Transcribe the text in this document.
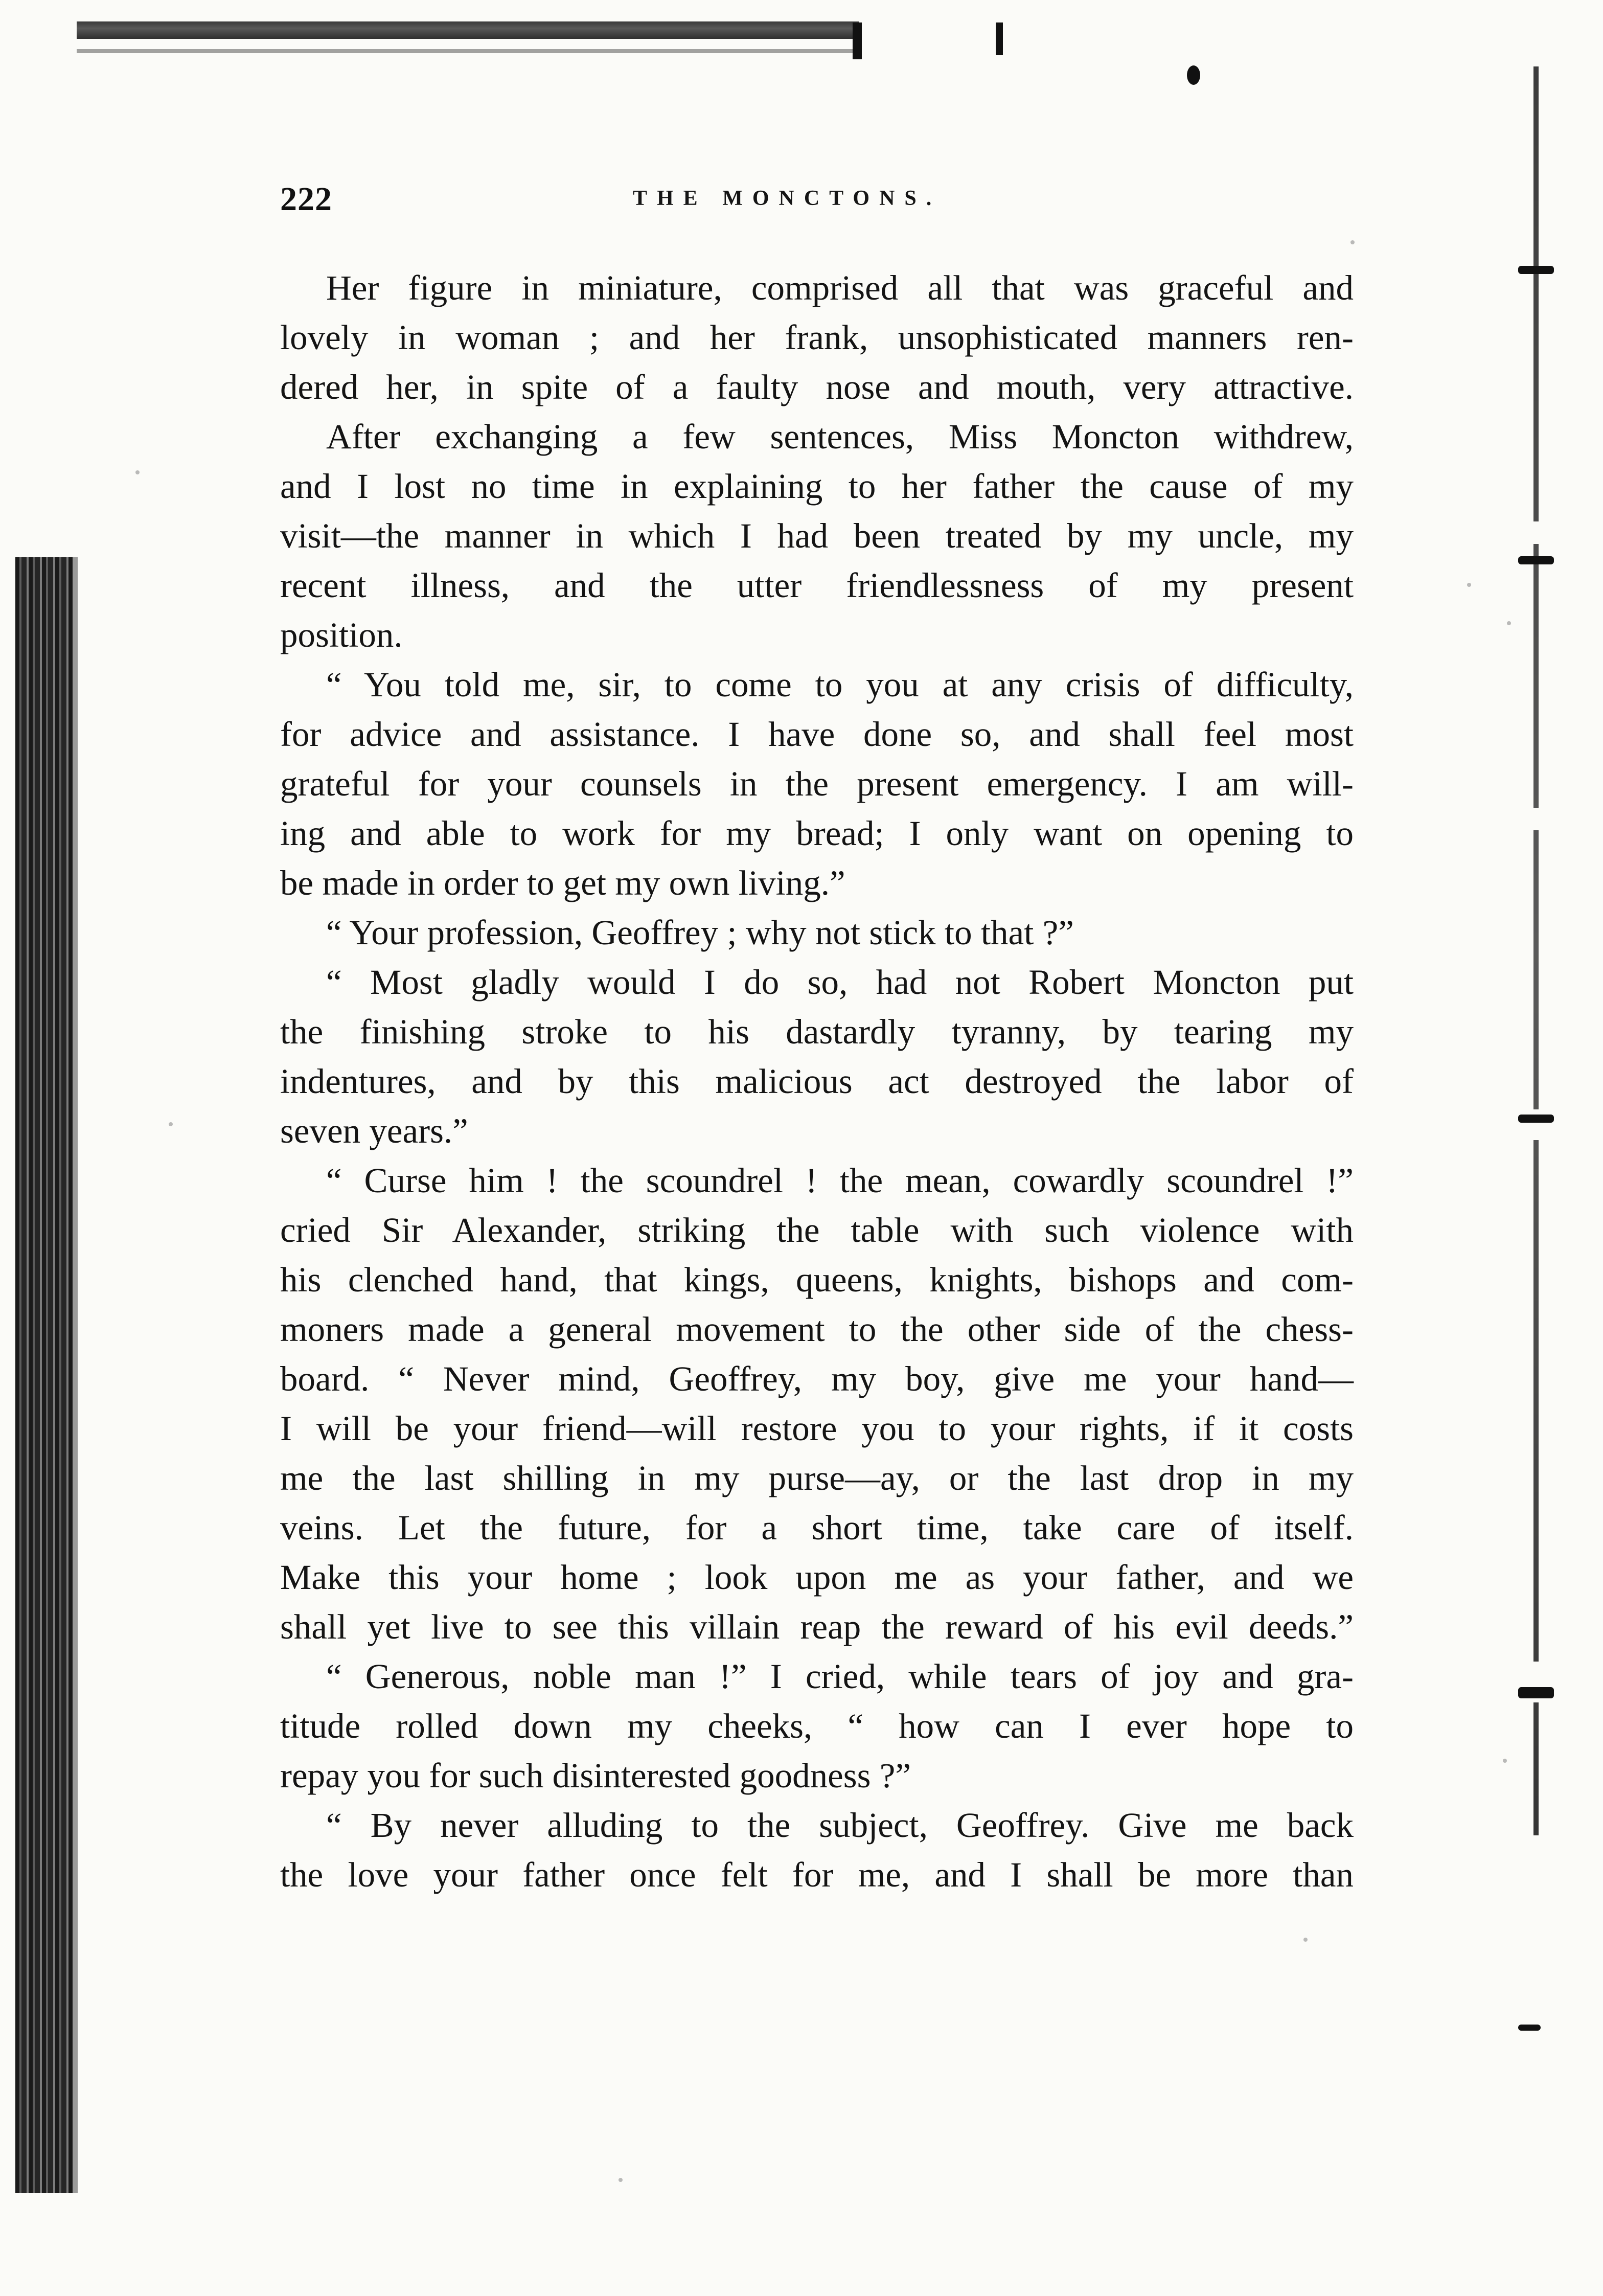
222	THE MONCTONS.
Her figure in miniature, comprised all that was graceful and
lovely in woman ; and her frank, unsophisticated manners ren-
dered her, in spite of a faulty nose and mouth, very attractive.
After exchanging a few sentences, Miss Moncton withdrew,
and I lost no time in explaining to her father the cause of my
visit—the manner in which I had been treated by my uncle, my
recent illness, and the utter friendlessness of my present
position.
“ You told me, sir, to come to you at any crisis of difficulty,
for advice and assistance. I have done so, and shall feel most
grateful for your counsels in the present emergency. I am will-
ing and able to work for my bread; I only want on opening to
be made in order to get my own living.”
“ Your profession, Geoffrey ; why not stick to that ?”
“ Most gladly would I do so, had not Robert Moncton put
the finishing stroke to his dastardly tyranny, by tearing my
indentures, and by this malicious act destroyed the labor of
seven years.”
“ Curse him ! the scoundrel ! the mean, cowardly scoundrel !”
cried Sir Alexander, striking the table with such violence with
his clenched hand, that kings, queens, knights, bishops and com-
moners made a general movement to the other side of the chess-
board. “ Never mind, Geoffrey, my boy, give me your hand—
I will be your friend—will restore you to your rights, if it costs
me the last shilling in my purse—ay, or the last drop in my
veins. Let the future, for a short time, take care of itself.
Make this your home ; look upon me as your father, and we
shall yet live to see this villain reap the reward of his evil deeds.”
“ Generous, noble man !” I cried, while tears of joy and gra-
titude rolled down my cheeks, “ how can I ever hope to
repay you for such disinterested goodness ?”
“ By never alluding to the subject, Geoffrey. Give me back
the love your father once felt for me, and I shall be more than
